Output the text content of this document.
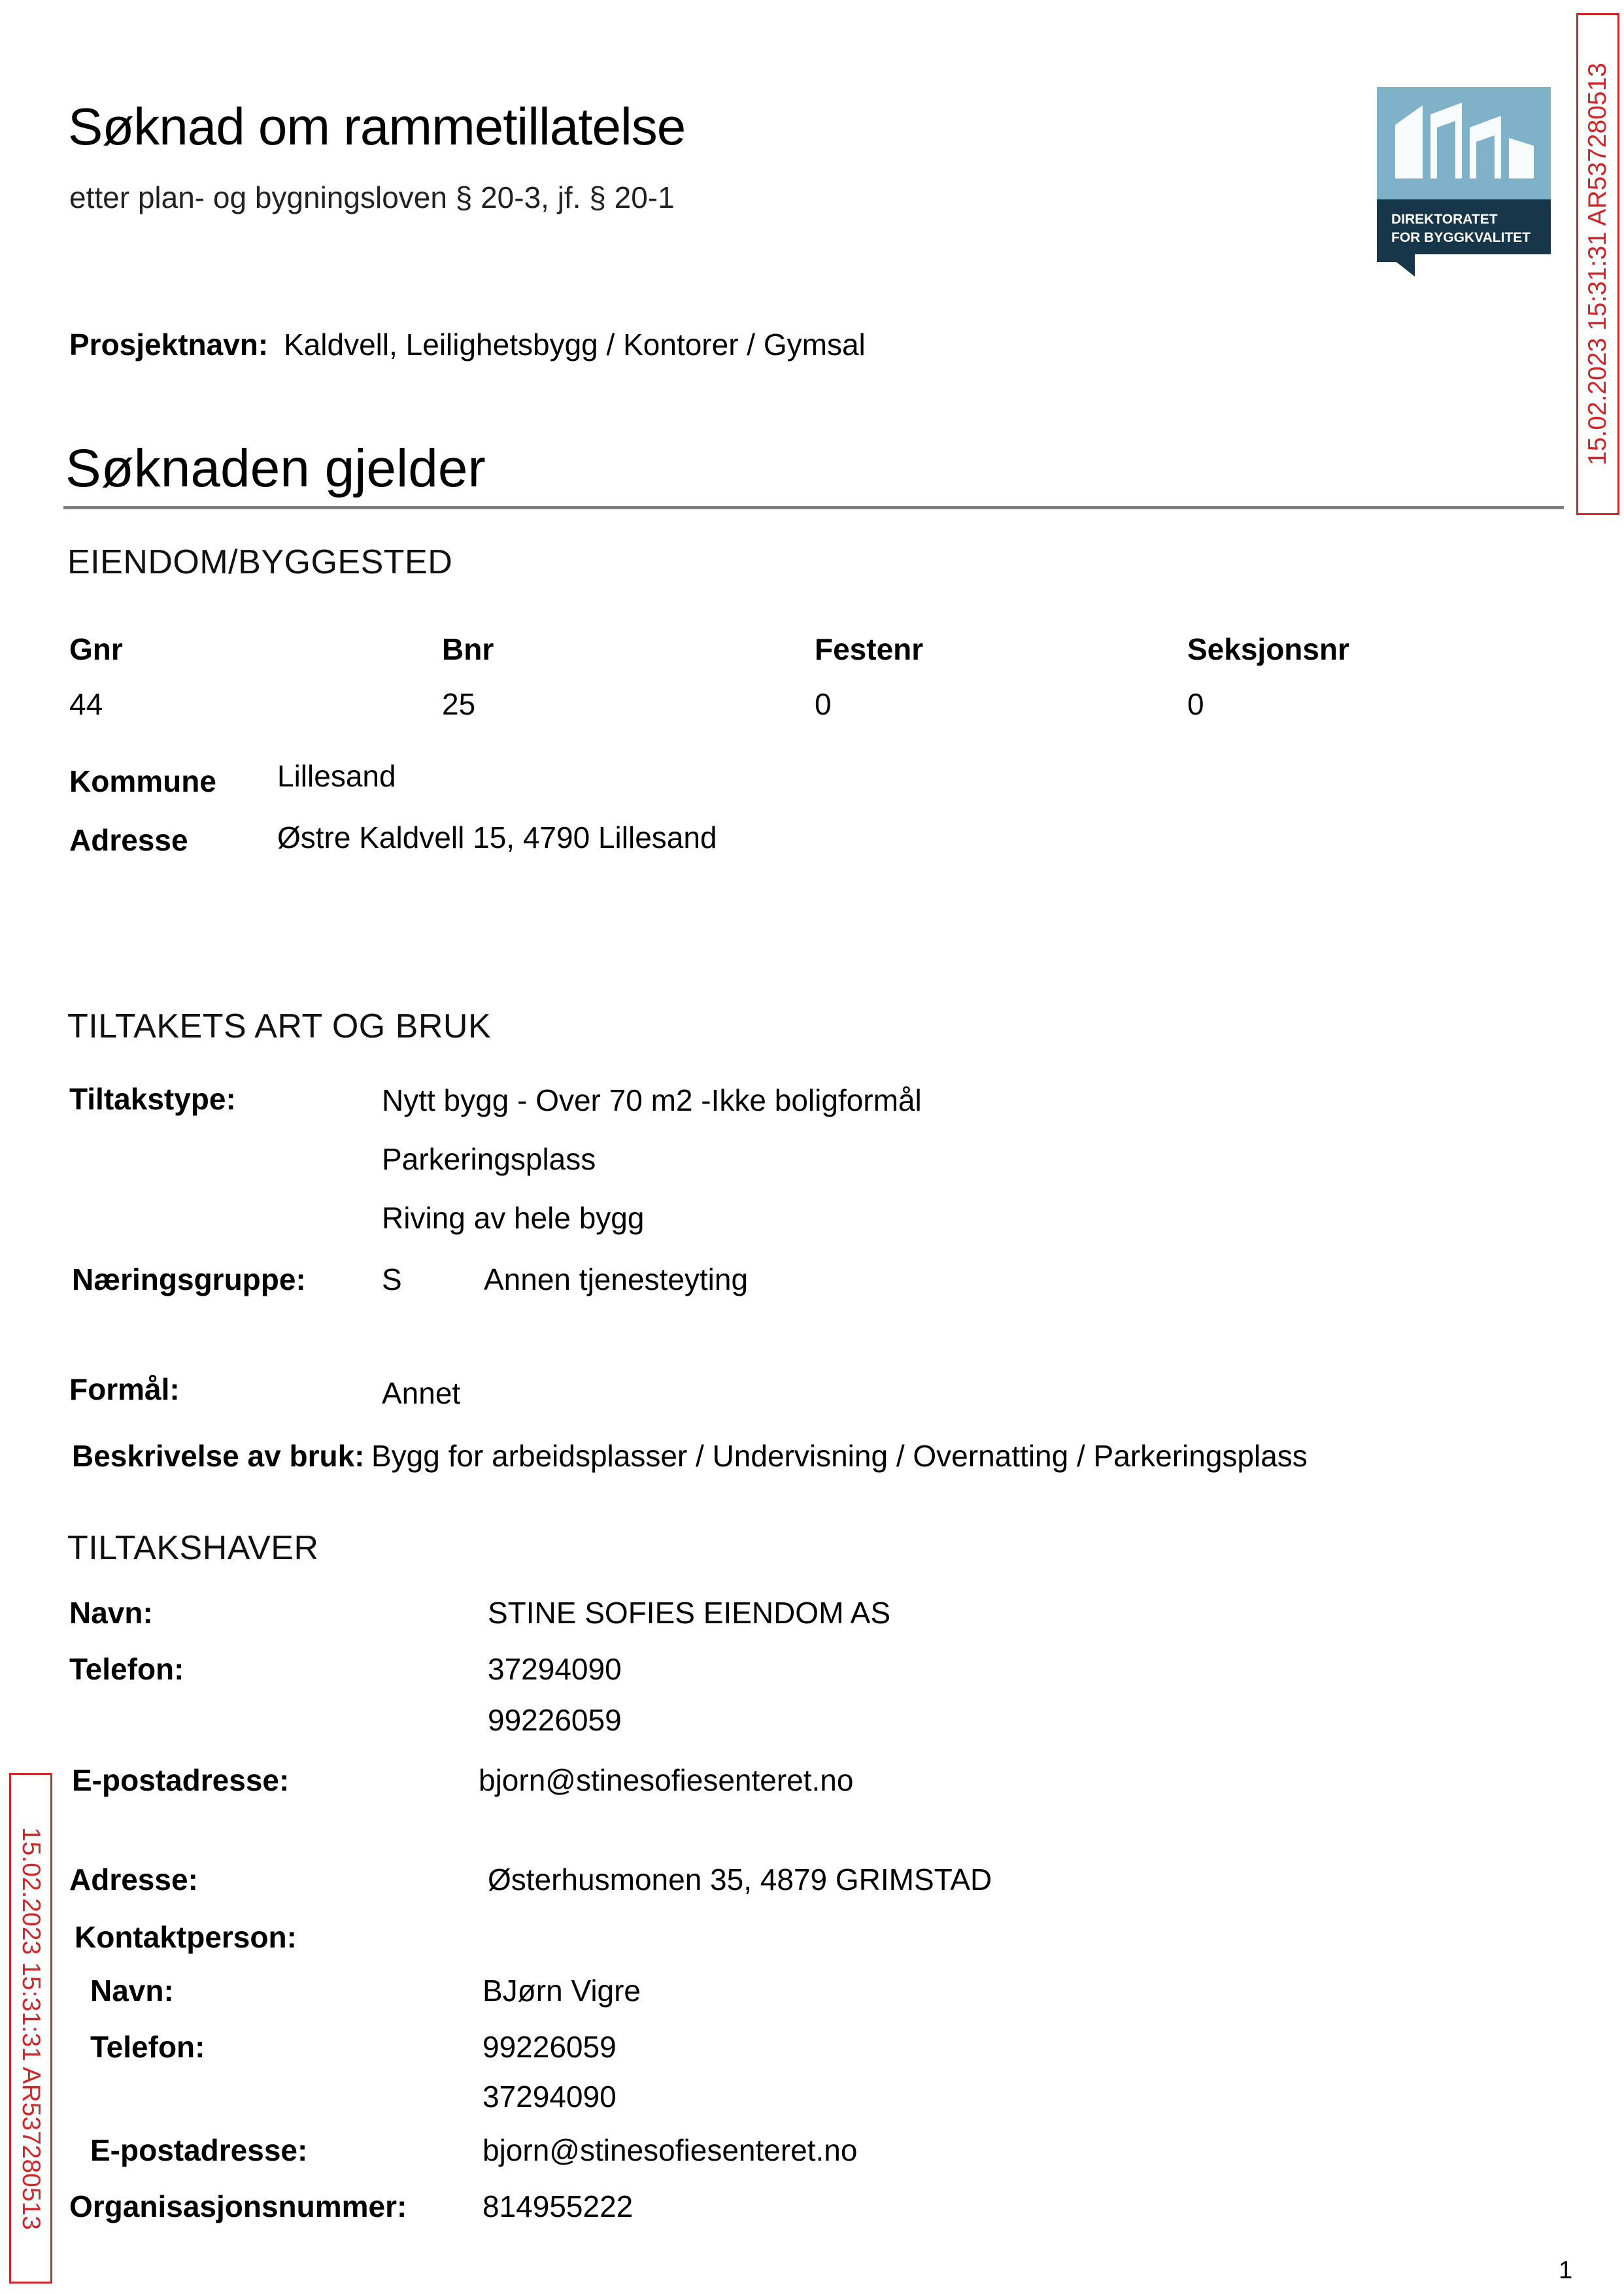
Søknad om rammetillatelse
etter plan- og bygningsloven § 20-3, jf. § 20-1
DIREKTORATET
FOR BYGGKVALITET 15.02.2023 15:31:31 AR537280513
15.02.2023 15:31:31 AR537280513
Prosjektnavn: Kaldvell, Leilighetsbygg / Kontorer / Gymsal
Søknaden gjelder
EIENDOM/BYGGESTED
Gnr	Bnr	Festenr	Seksjonsnr
44	25	0	0
Kommune Lillesand
Adresse	Østre Kaldvell 15, 4790 Lillesand
TILTAKETS ART OG BRUK
Tiltakstype:	Nytt bygg - Over 70 m2 -Ikke boligformål
Parkeringsplass
Riving av hele bygg
Næringsgruppe:	S	Annen tjenesteyting
Formål:	Annet
Beskrivelse av bruk: Bygg for arbeidsplasser / Undervisning / Overnatting / Parkeringsplass
TILTAKSHAVER
Navn:	STINE SOFIES EIENDOM AS
Telefon:	37294090
99226059
E-postadresse:	bjorn@stinesofiesenteret.no
Adresse:	Østerhusmonen 35, 4879 GRIMSTAD
Kontaktperson:
Navn:	BJørn Vigre
Telefon:	99226059
37294090
E-postadresse:	bjorn@stinesofiesenteret.no
Organisasjonsnummer:	814955222
1
